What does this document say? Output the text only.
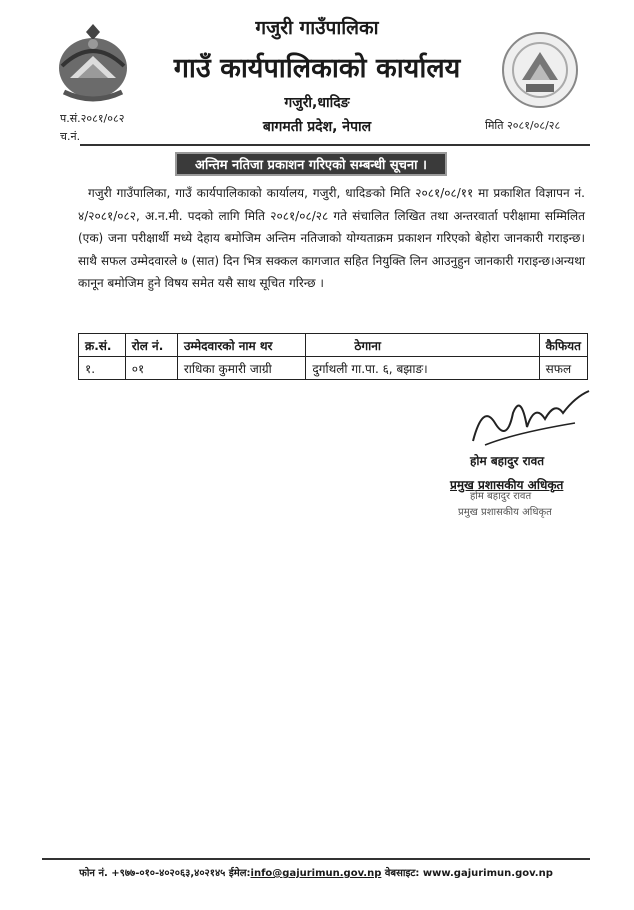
गजुरी गाउँपालिका
गाउँ कार्यपालिकाको कार्यालय
गजुरी,धादिङ
बागमती प्रदेश, नेपाल
प.सं.२०८१/०८२
च.नं.
मिति २०८१/०८/२८
अन्तिम नतिजा प्रकाशन गरिएको सम्बन्धी सूचना ।
गजुरी गाउँपालिका, गाउँ कार्यपालिकाको कार्यालय, गजुरी, धादिङको मिति २०८१/०८/११ मा प्रकाशित विज्ञापन नं. ४/२०८१/०८२, अ.न.मी. पदको लागि मिति २०८१/०८/२८ गते संचालित लिखित तथा अन्तरवार्ता परीक्षामा सम्मिलित (एक) जना परीक्षार्थी मध्ये देहाय बमोजिम अन्तिम नतिजाको योग्यताक्रम प्रकाशन गरिएको बेहोरा जानकारी गराइन्छ।साथै सफल उम्मेदवारले ७ (सात) दिन भित्र सक्कल कागजात सहित नियुक्ति लिन आउनुहुन जानकारी गराइन्छ।अन्यथा कानून बमोजिम हुने विषय समेत यसै साथ सूचित गरिन्छ ।
क्र.सं.	रोल नं.	उम्मेदवारको नाम थर	ठेगाना	कैफियत
१.	०१	राधिका कुमारी जाग्री	दुर्गाथली गा.पा. ६, बझाङ।	सफल
होम बहादुर रावत
प्रमुख प्रशासकीय अधिकृत
होम बहादुर रावत
प्रमुख प्रशासकीय अधिकृत
फोन नं. +९७७-०१०-४०२०६३,४०२१४५ ईमेल:info@gajurimun.gov.np वेबसाइट: www.gajurimun.gov.np
